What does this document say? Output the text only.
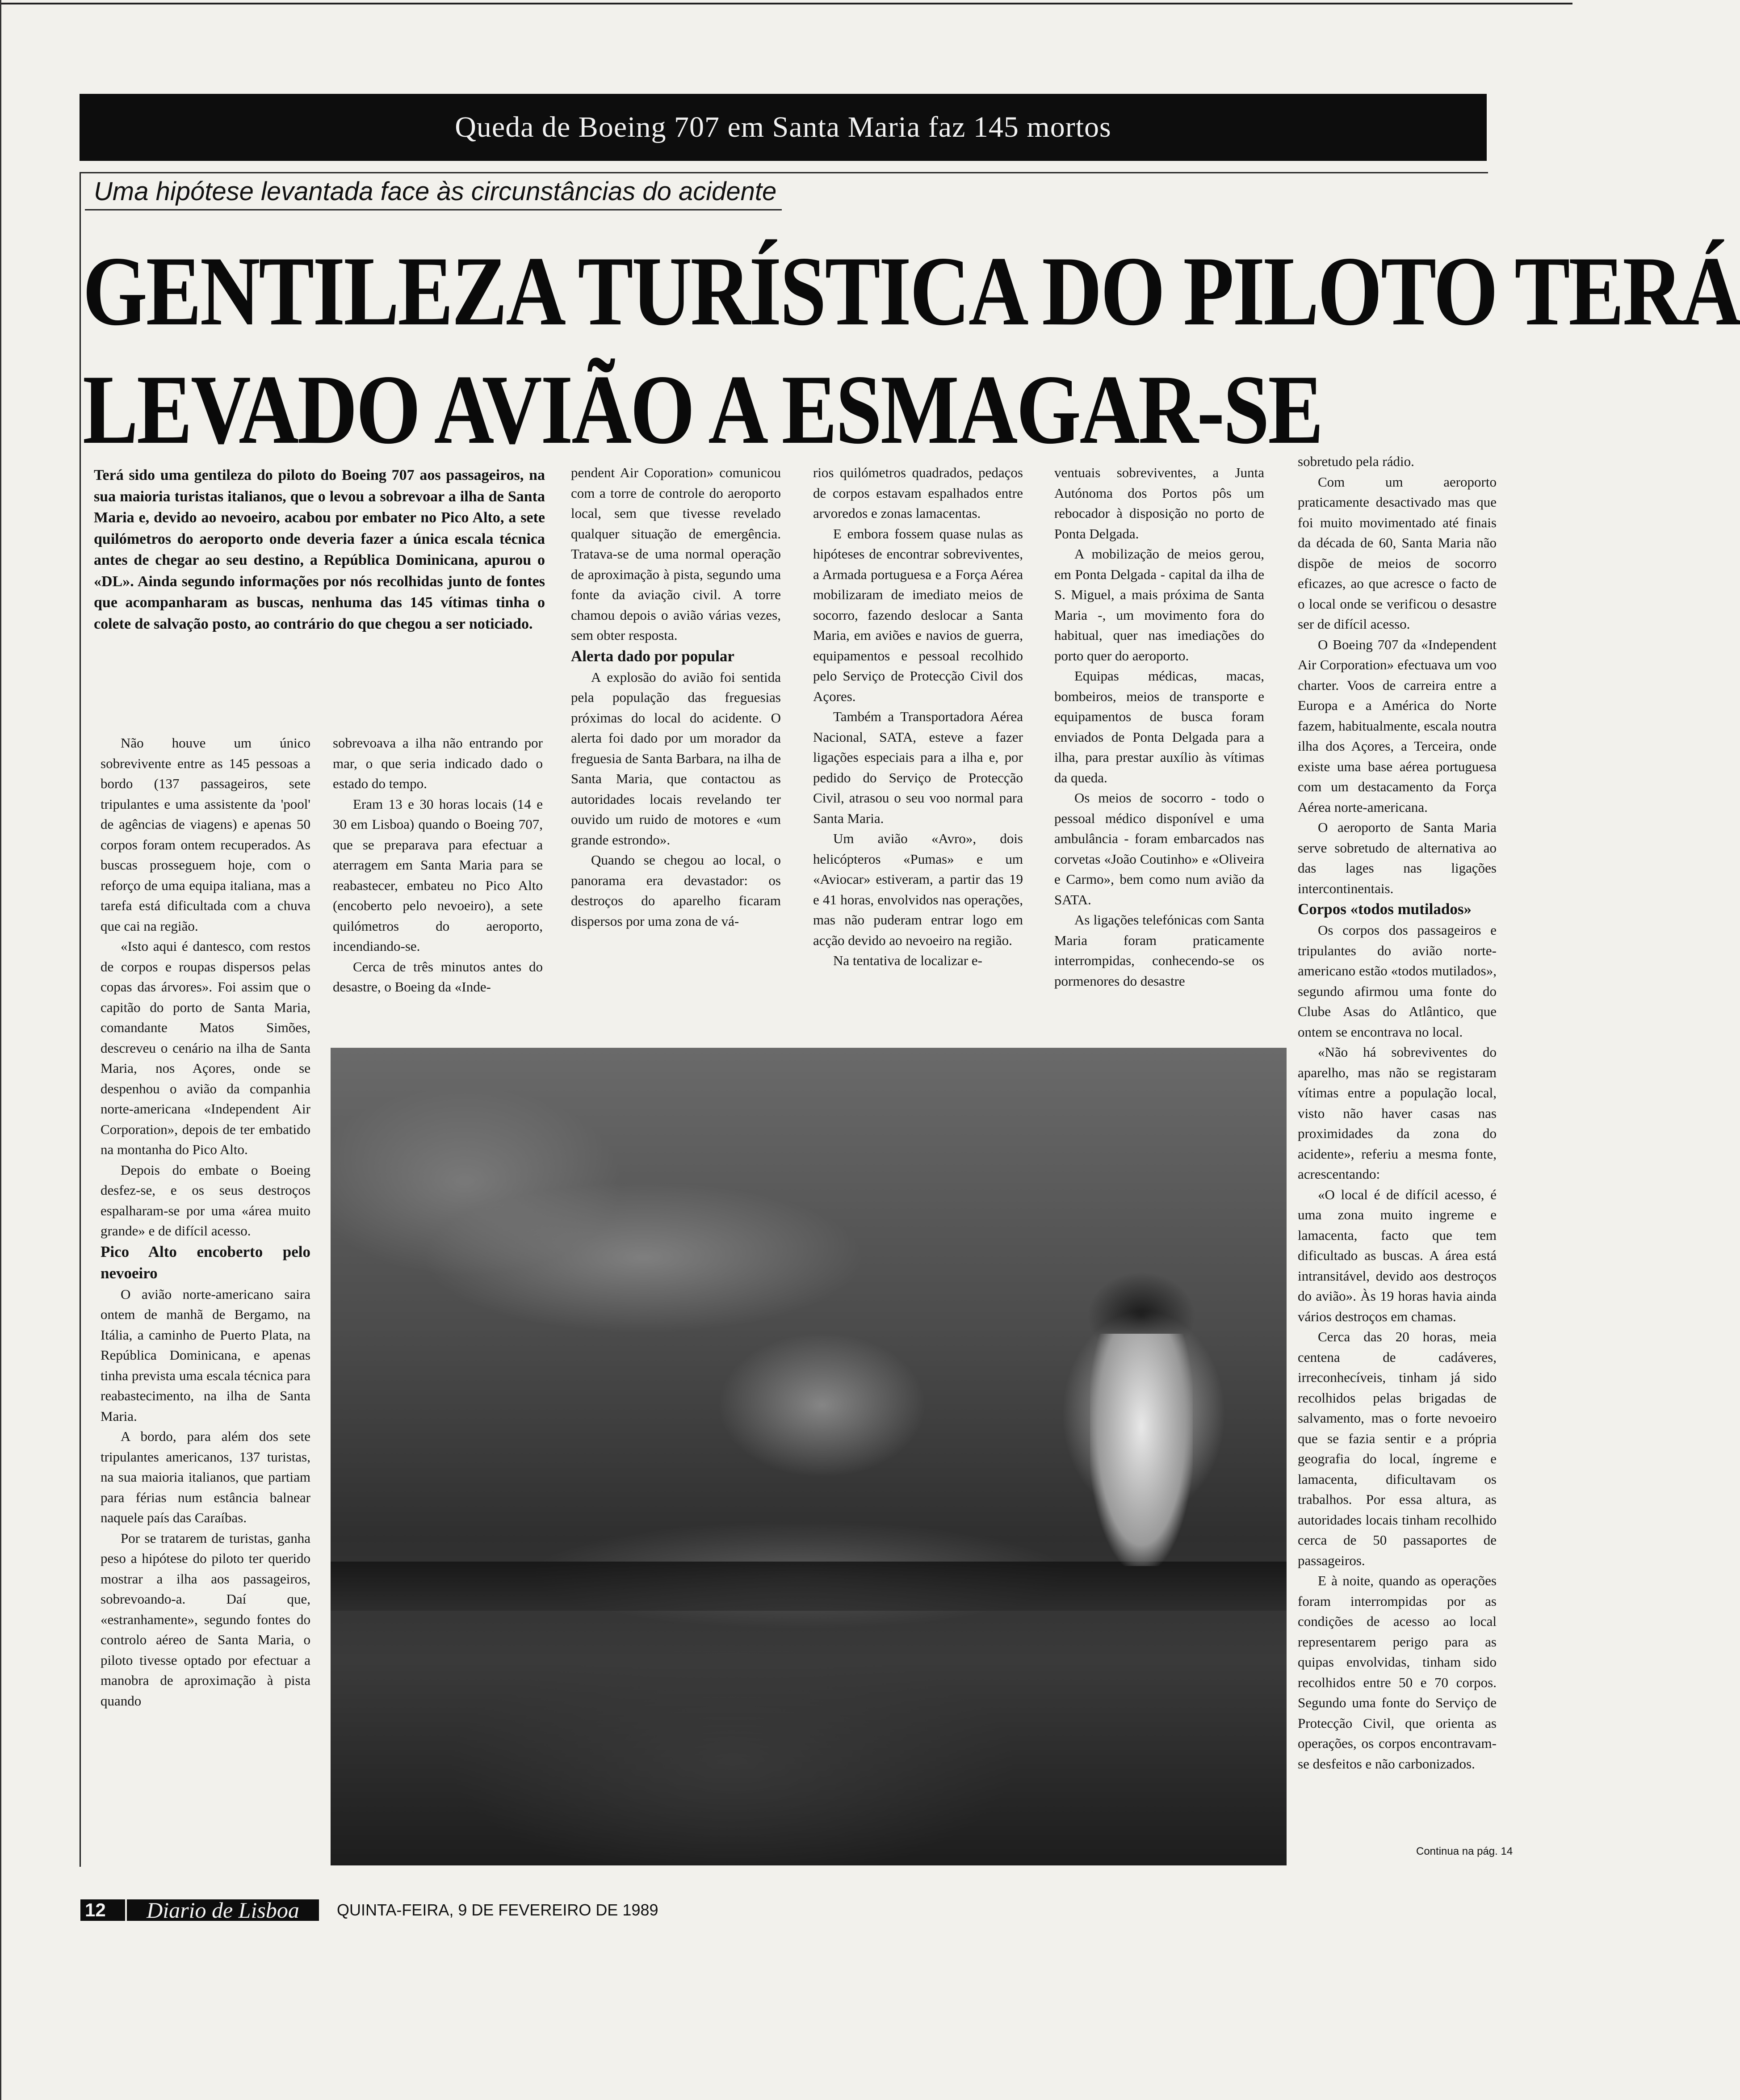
Queda de Boeing 707 em Santa Maria faz 145 mortos
Uma hipótese levantada face às circunstâncias do acidente
GENTILEZA TURÍSTICA DO PILOTO TERÁ
LEVADO AVIÃO A ESMAGAR-SE
Terá sido uma gentileza do piloto do Boeing 707 aos passageiros, na sua maioria turistas italianos, que o levou a sobrevoar a ilha de Santa Maria e, devido ao nevoeiro, acabou por embater no Pico Alto, a sete quilómetros do aeroporto onde deveria fazer a única escala técnica antes de chegar ao seu destino, a República Dominicana, apurou o «DL». Ainda segundo informações por nós recolhidas junto de fontes que acompanharam as buscas, nenhuma das 145 vítimas tinha o colete de salvação posto, ao contrário do que chegou a ser noticiado.

Não houve um único sobrevivente entre as 145 pessoas a bordo (137 passageiros, sete tripulantes e uma assistente da 'pool' de agências de viagens) e apenas 50 corpos foram ontem recuperados. As buscas prosseguem hoje, com o reforço de uma equipa italiana, mas a tarefa está dificultada com a chuva que cai na região.

«Isto aqui é dantesco, com restos de corpos e roupas dispersos pelas copas das árvores». Foi assim que o capitão do porto de Santa Maria, comandante Matos Simões, descreveu o cenário na ilha de Santa Maria, nos Açores, onde se despenhou o avião da companhia norte-americana «Independent Air Corporation», depois de ter embatido na montanha do Pico Alto.

Depois do embate o Boeing desfez-se, e os seus destroços espalharam-se por uma «área muito grande» e de difícil acesso.

Pico Alto encoberto pelo nevoeiro

O avião norte-americano saira ontem de manhã de Bergamo, na Itália, a caminho de Puerto Plata, na República Dominicana, e apenas tinha prevista uma escala técnica para reabastecimento, na ilha de Santa Maria.

A bordo, para além dos sete tripulantes americanos, 137 turistas, na sua maioria italianos, que partiam para férias num estância balnear naquele país das Caraíbas.

Por se tratarem de turistas, ganha peso a hipótese do piloto ter querido mostrar a ilha aos passageiros, sobrevoando-a. Daí que, «estranhamente», segundo fontes do controlo aéreo de Santa Maria, o piloto tivesse optado por efectuar a manobra de aproximação à pista quando

sobrevoava a ilha não entrando por mar, o que seria indicado dado o estado do tempo.

Eram 13 e 30 horas locais (14 e 30 em Lisboa) quando o Boeing 707, que se preparava para efectuar a aterragem em Santa Maria para se reabastecer, embateu no Pico Alto (encoberto pelo nevoeiro), a sete quilómetros do aeroporto, incendiando-se.

Cerca de três minutos antes do desastre, o Boeing da «Inde-

pendent Air Coporation» comunicou com a torre de controle do aeroporto local, sem que tivesse revelado qualquer situação de emergência. Tratava-se de uma normal operação de aproximação à pista, segundo uma fonte da aviação civil. A torre chamou depois o avião várias vezes, sem obter resposta.

Alerta dado por popular

A explosão do avião foi sentida pela população das freguesias próximas do local do acidente. O alerta foi dado por um morador da freguesia de Santa Barbara, na ilha de Santa Maria, que contactou as autoridades locais revelando ter ouvido um ruido de motores e «um grande estrondo».

Quando se chegou ao local, o panorama era devastador: os destroços do aparelho ficaram dispersos por uma zona de vá-

rios quilómetros quadrados, pedaços de corpos estavam espalhados entre arvoredos e zonas lamacentas.

E embora fossem quase nulas as hipóteses de encontrar sobreviventes, a Armada portuguesa e a Força Aérea mobilizaram de imediato meios de socorro, fazendo deslocar a Santa Maria, em aviões e navios de guerra, equipamentos e pessoal recolhido pelo Serviço de Protecção Civil dos Açores.

Também a Transportadora Aérea Nacional, SATA, esteve a fazer ligações especiais para a ilha e, por pedido do Serviço de Protecção Civil, atrasou o seu voo normal para Santa Maria.

Um avião «Avro», dois helicópteros «Pumas» e um «Aviocar» estiveram, a partir das 19 e 41 horas, envolvidos nas operações, mas não puderam entrar logo em acção devido ao nevoeiro na região.

Na tentativa de localizar e-

ventuais sobreviventes, a Junta Autónoma dos Portos pôs um rebocador à disposição no porto de Ponta Delgada.

A mobilização de meios gerou, em Ponta Delgada - capital da ilha de S. Miguel, a mais próxima de Santa Maria -, um movimento fora do habitual, quer nas imediações do porto quer do aeroporto.

Equipas médicas, macas, bombeiros, meios de transporte e equipamentos de busca foram enviados de Ponta Delgada para a ilha, para prestar auxílio às vítimas da queda.

Os meios de socorro - todo o pessoal médico disponível e uma ambulância - foram embarcados nas corvetas «João Coutinho» e «Oliveira e Carmo», bem como num avião da SATA.

As ligações telefónicas com Santa Maria foram praticamente interrompidas, conhecendo-se os pormenores do desastre

sobretudo pela rádio.

Com um aeroporto praticamente desactivado mas que foi muito movimentado até finais da década de 60, Santa Maria não dispõe de meios de socorro eficazes, ao que acresce o facto de o local onde se verificou o desastre ser de difícil acesso.

O Boeing 707 da «Independent Air Corporation» efectuava um voo charter. Voos de carreira entre a Europa e a América do Norte fazem, habitualmente, escala noutra ilha dos Açores, a Terceira, onde existe uma base aérea portuguesa com um destacamento da Força Aérea norte-americana.

O aeroporto de Santa Maria serve sobretudo de alternativa ao das lages nas ligações intercontinentais.

Corpos «todos mutilados»

Os corpos dos passageiros e tripulantes do avião norte-americano estão «todos mutilados», segundo afirmou uma fonte do Clube Asas do Atlântico, que ontem se encontrava no local.

«Não há sobreviventes do aparelho, mas não se registaram vítimas entre a população local, visto não haver casas nas proximidades da zona do acidente», referiu a mesma fonte, acrescentando:

«O local é de difícil acesso, é uma zona muito ingreme e lamacenta, facto que tem dificultado as buscas. A área está intransitável, devido aos destroços do avião». Às 19 horas havia ainda vários destroços em chamas.

Cerca das 20 horas, meia centena de cadáveres, irreconhecíveis, tinham já sido recolhidos pelas brigadas de salvamento, mas o forte nevoeiro que se fazia sentir e a própria geografia do local, íngreme e lamacenta, dificultavam os trabalhos. Por essa altura, as autoridades locais tinham recolhido cerca de 50 passaportes de passageiros.

E à noite, quando as operações foram interrompidas por as condições de acesso ao local representarem perigo para as quipas envolvidas, tinham sido recolhidos entre 50 e 70 corpos. Segundo uma fonte do Serviço de Protecção Civil, que orienta as operações, os corpos encontravam-se desfeitos e não carbonizados.

Continua na pág. 14
12	Diario de Lisboa	QUINTA-FEIRA, 9 DE FEVEREIRO DE 1989
